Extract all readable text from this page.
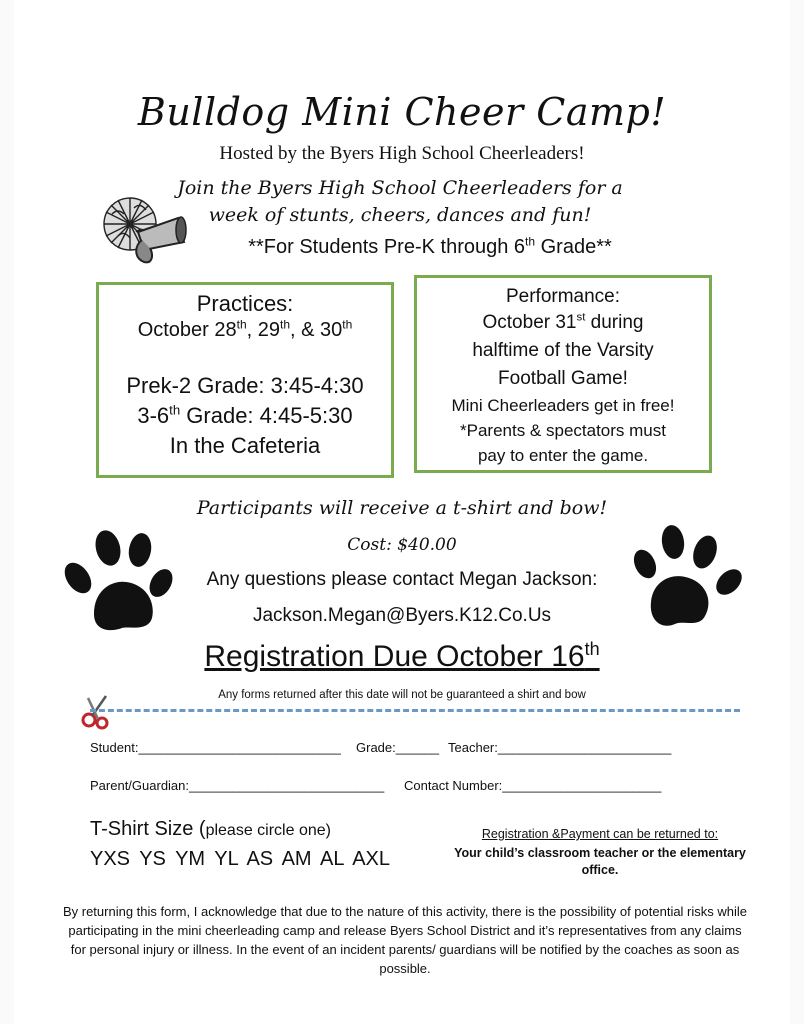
Bulldog Mini Cheer Camp!
Hosted by the Byers High School Cheerleaders!
Join the Byers High School Cheerleaders for a
week of stunts, cheers, dances and fun!
**For Students Pre-K through 6th Grade**
Practices:
October 28th, 29th, & 30th
Prek-2 Grade: 3:45-4:30
3-6th Grade: 4:45-5:30
In the Cafeteria
Performance:
October 31st during
halftime of the Varsity
Football Game!
Mini Cheerleaders get in free!
*Parents & spectators must
pay to enter the game.
Participants will receive a t-shirt and bow!
Cost: $40.00
Any questions please contact Megan Jackson:
Jackson.Megan@Byers.K12.Co.Us
Registration Due October 16th
Any forms returned after this date will not be guaranteed a shirt and bow
Student:____________________________ Grade:______ Teacher:________________________
Parent/Guardian:___________________________ Contact Number:______________________
T-Shirt Size (please circle one)
YXS YS YM YL AS AM AL AXL
Registration &Payment can be returned to:
Your child’s classroom teacher or the elementary office.
By returning this form, I acknowledge that due to the nature of this activity, there is the possibility of potential risks while participating in the mini cheerleading camp and release Byers School District and it’s representatives from any claims for personal injury or illness. In the event of an incident parents/ guardians will be notified by the coaches as soon as possible.
